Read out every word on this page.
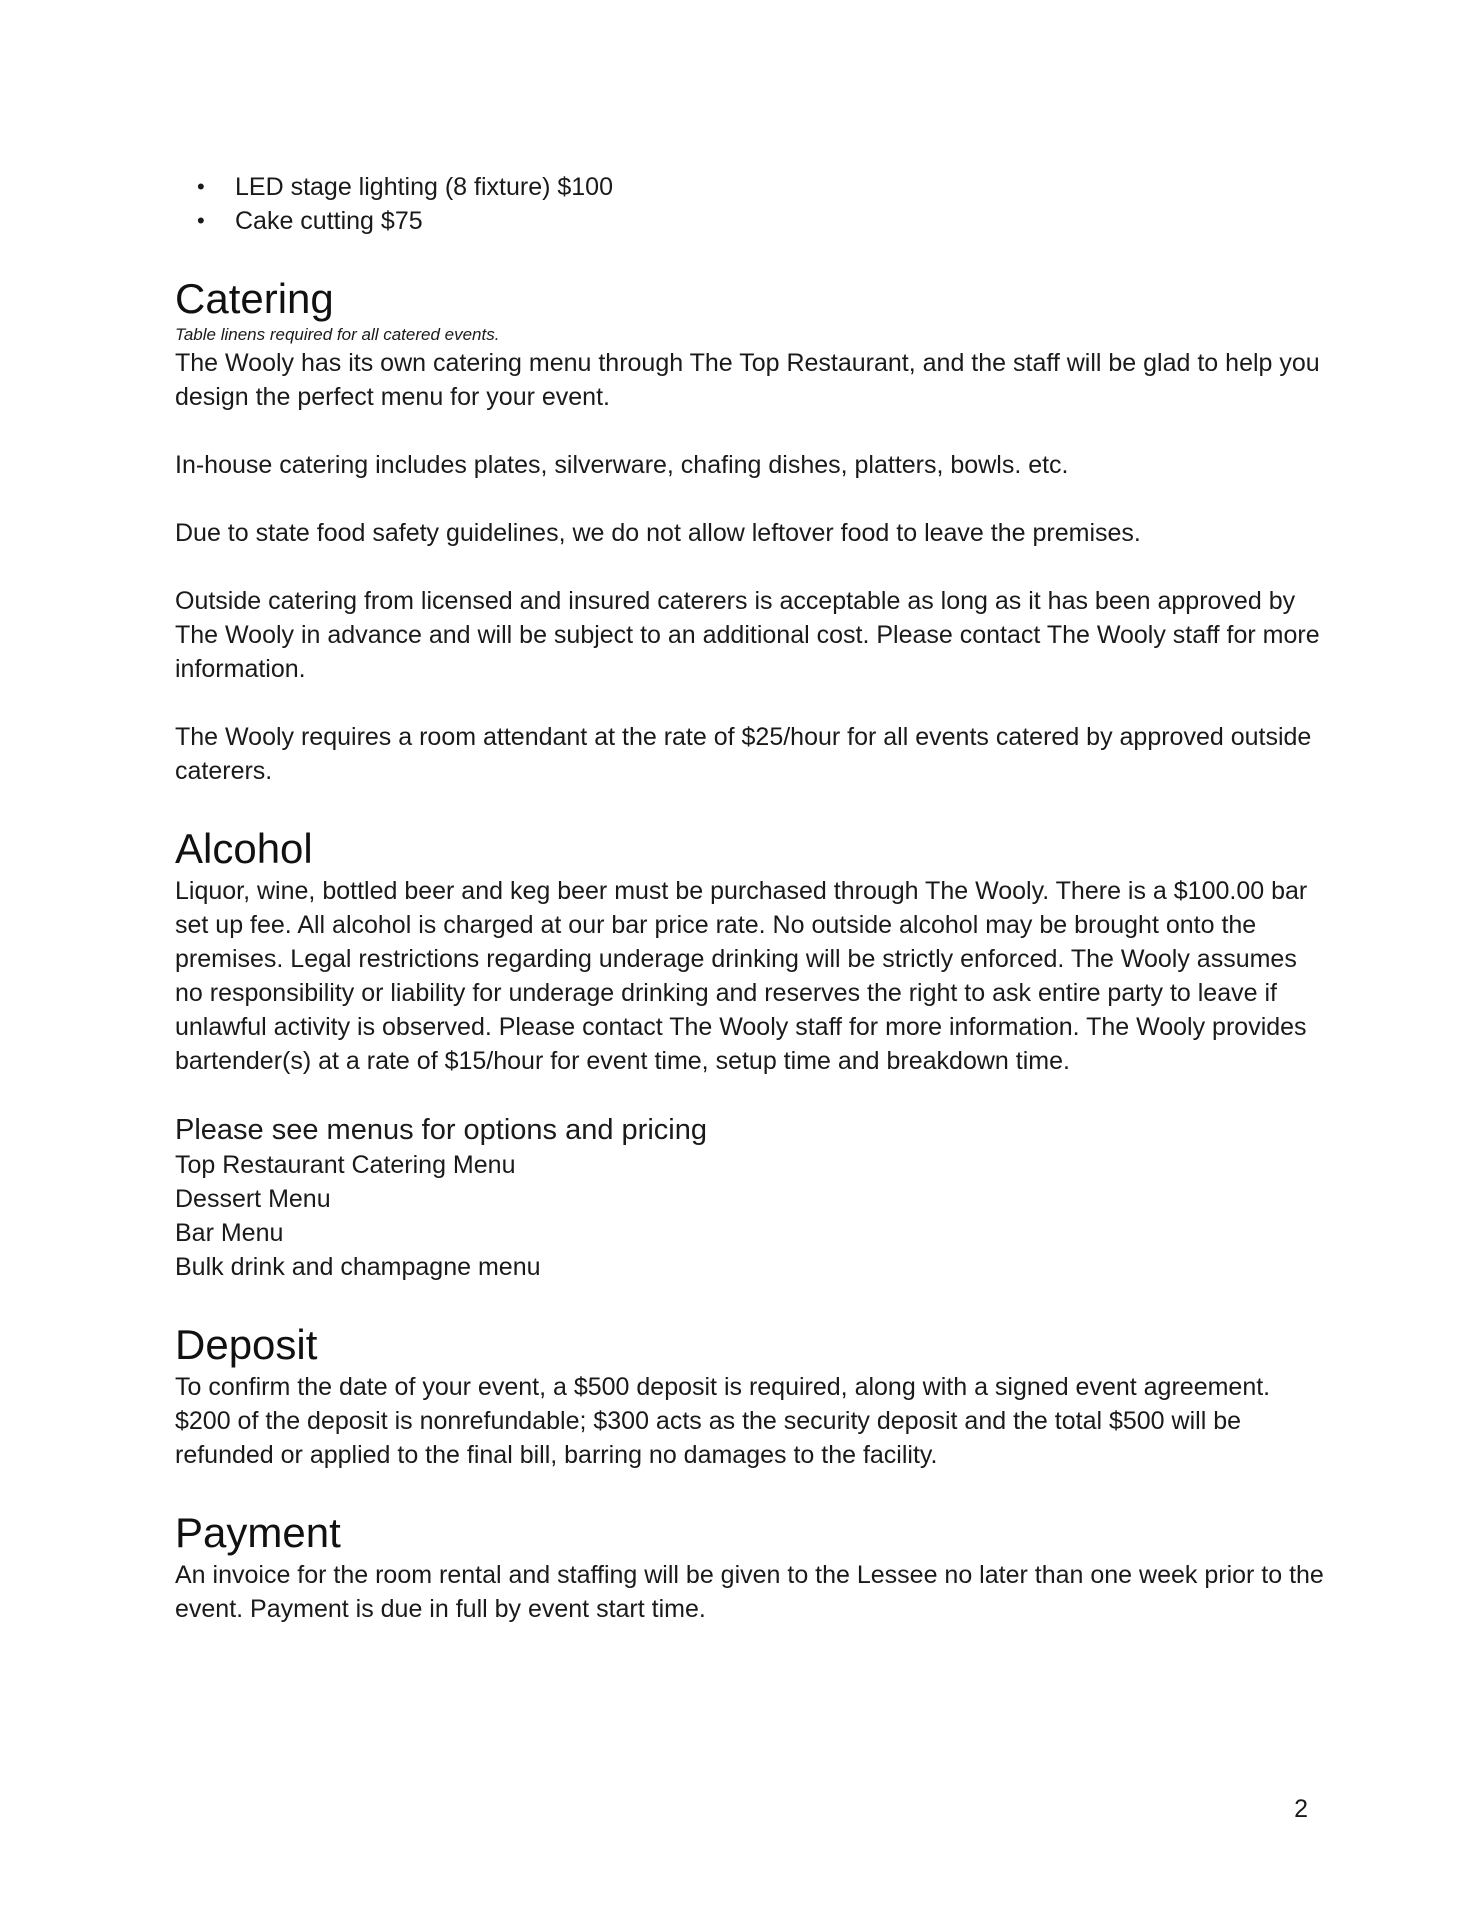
• LED stage lighting (8 fixture) $100
• Cake cutting $75
Catering

Table linens required for all catered events.

The Wooly has its own catering menu through The Top Restaurant, and the staff will be glad to help you design the perfect menu for your event.

In-house catering includes plates, silverware, chafing dishes, platters, bowls. etc.

Due to state food safety guidelines, we do not allow leftover food to leave the premises.

Outside catering from licensed and insured caterers is acceptable as long as it has been approved by The Wooly in advance and will be subject to an additional cost. Please contact The Wooly staff for more information.

The Wooly requires a room attendant at the rate of $25/hour for all events catered by approved outside caterers.

Alcohol

Liquor, wine, bottled beer and keg beer must be purchased through The Wooly. There is a $100.00 bar set up fee. All alcohol is charged at our bar price rate. No outside alcohol may be brought onto the premises. Legal restrictions regarding underage drinking will be strictly enforced. The Wooly assumes no responsibility or liability for underage drinking and reserves the right to ask entire party to leave if unlawful activity is observed. Please contact The Wooly staff for more information. The Wooly provides bartender(s) at a rate of $15/hour for event time, setup time and breakdown time.

Please see menus for options and pricing

Top Restaurant Catering Menu

Dessert Menu

Bar Menu

Bulk drink and champagne menu

Deposit

To confirm the date of your event, a $500 deposit is required, along with a signed event agreement. $200 of the deposit is nonrefundable; $300 acts as the security deposit and the total $500 will be refunded or applied to the final bill, barring no damages to the facility.

Payment

An invoice for the room rental and staffing will be given to the Lessee no later than one week prior to the event. Payment is due in full by event start time.

2
